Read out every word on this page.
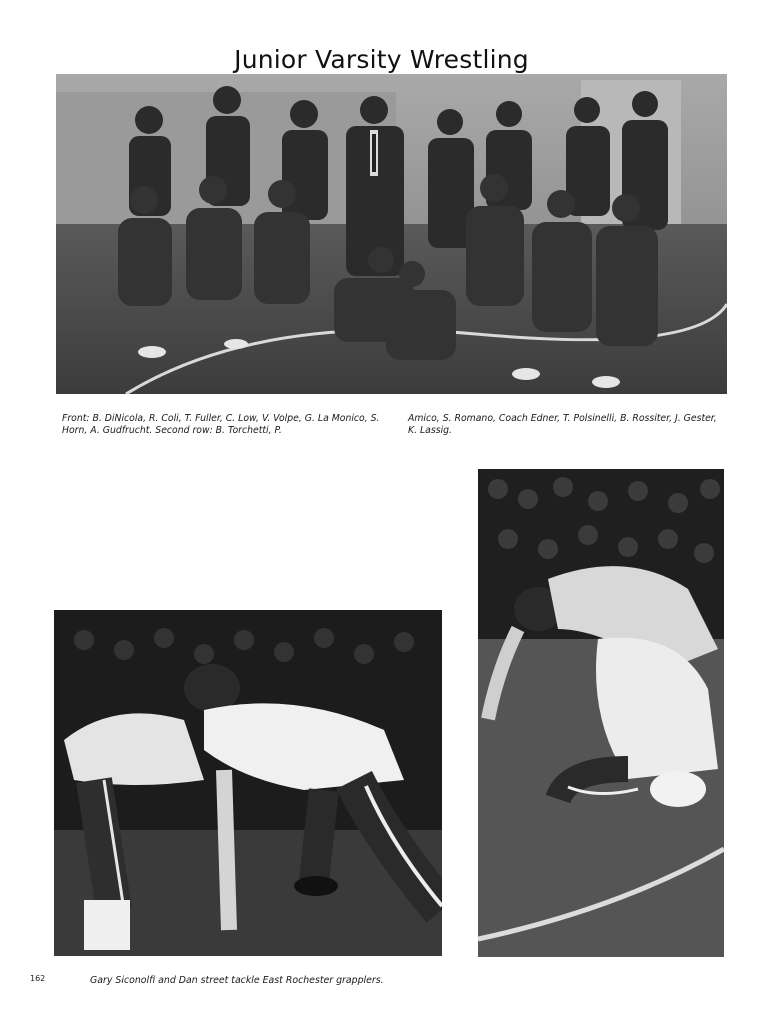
Junior Varsity Wrestling

Front: B. DiNicola, R. Coli, T. Fuller, C. Low, V. Volpe, G. La Monico, S. Horn, A. Gudfrucht. Second row: B. Torchetti, P.

Amico, S. Romano, Coach Edner, T. Polsinelli, B. Rossiter, J. Gester, K. Lassig.

Gary Siconolfi and Dan street tackle East Rochester grapplers.

162
